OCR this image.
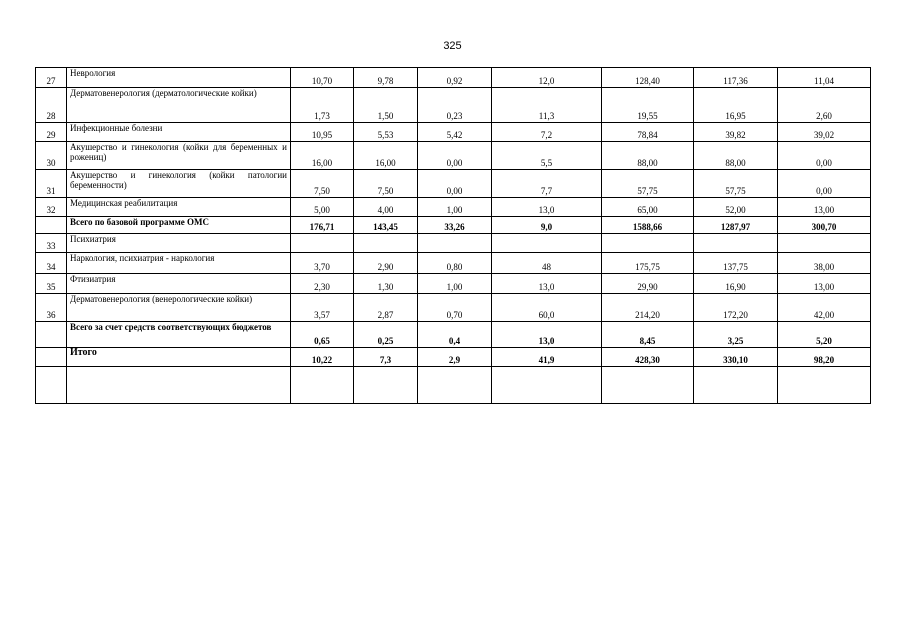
325
27	Неврология	10,70	9,78	0,92	12,0	128,40	117,36	11,04
28	Дерматовенерология (дерматологические койки)	1,73	1,50	0,23	11,3	19,55	16,95	2,60
29	Инфекционные болезни	10,95	5,53	5,42	7,2	78,84	39,82	39,02
30	Акушерство и гинекология (койки для беременных и рожениц)	16,00	16,00	0,00	5,5	88,00	88,00	0,00
31	Акушерство и гинекология (койки патологии беременности)	7,50	7,50	0,00	7,7	57,75	57,75	0,00
32	Медицинская реабилитация	5,00	4,00	1,00	13,0	65,00	52,00	13,00
	Всего по базовой программе ОМС	176,71	143,45	33,26	9,0	1588,66	1287,97	300,70
33	Психиатрия							
34	Наркология, психиатрия - наркология	3,70	2,90	0,80	48	175,75	137,75	38,00
35	Фтизиатрия	2,30	1,30	1,00	13,0	29,90	16,90	13,00
36	Дерматовенерология (венерологические койки)	3,57	2,87	0,70	60,0	214,20	172,20	42,00
	Всего за счет средств соответствующих бюджетов	0,65	0,25	0,4	13,0	8,45	3,25	5,20
	Итого	10,22	7,3	2,9	41,9	428,30	330,10	98,20
